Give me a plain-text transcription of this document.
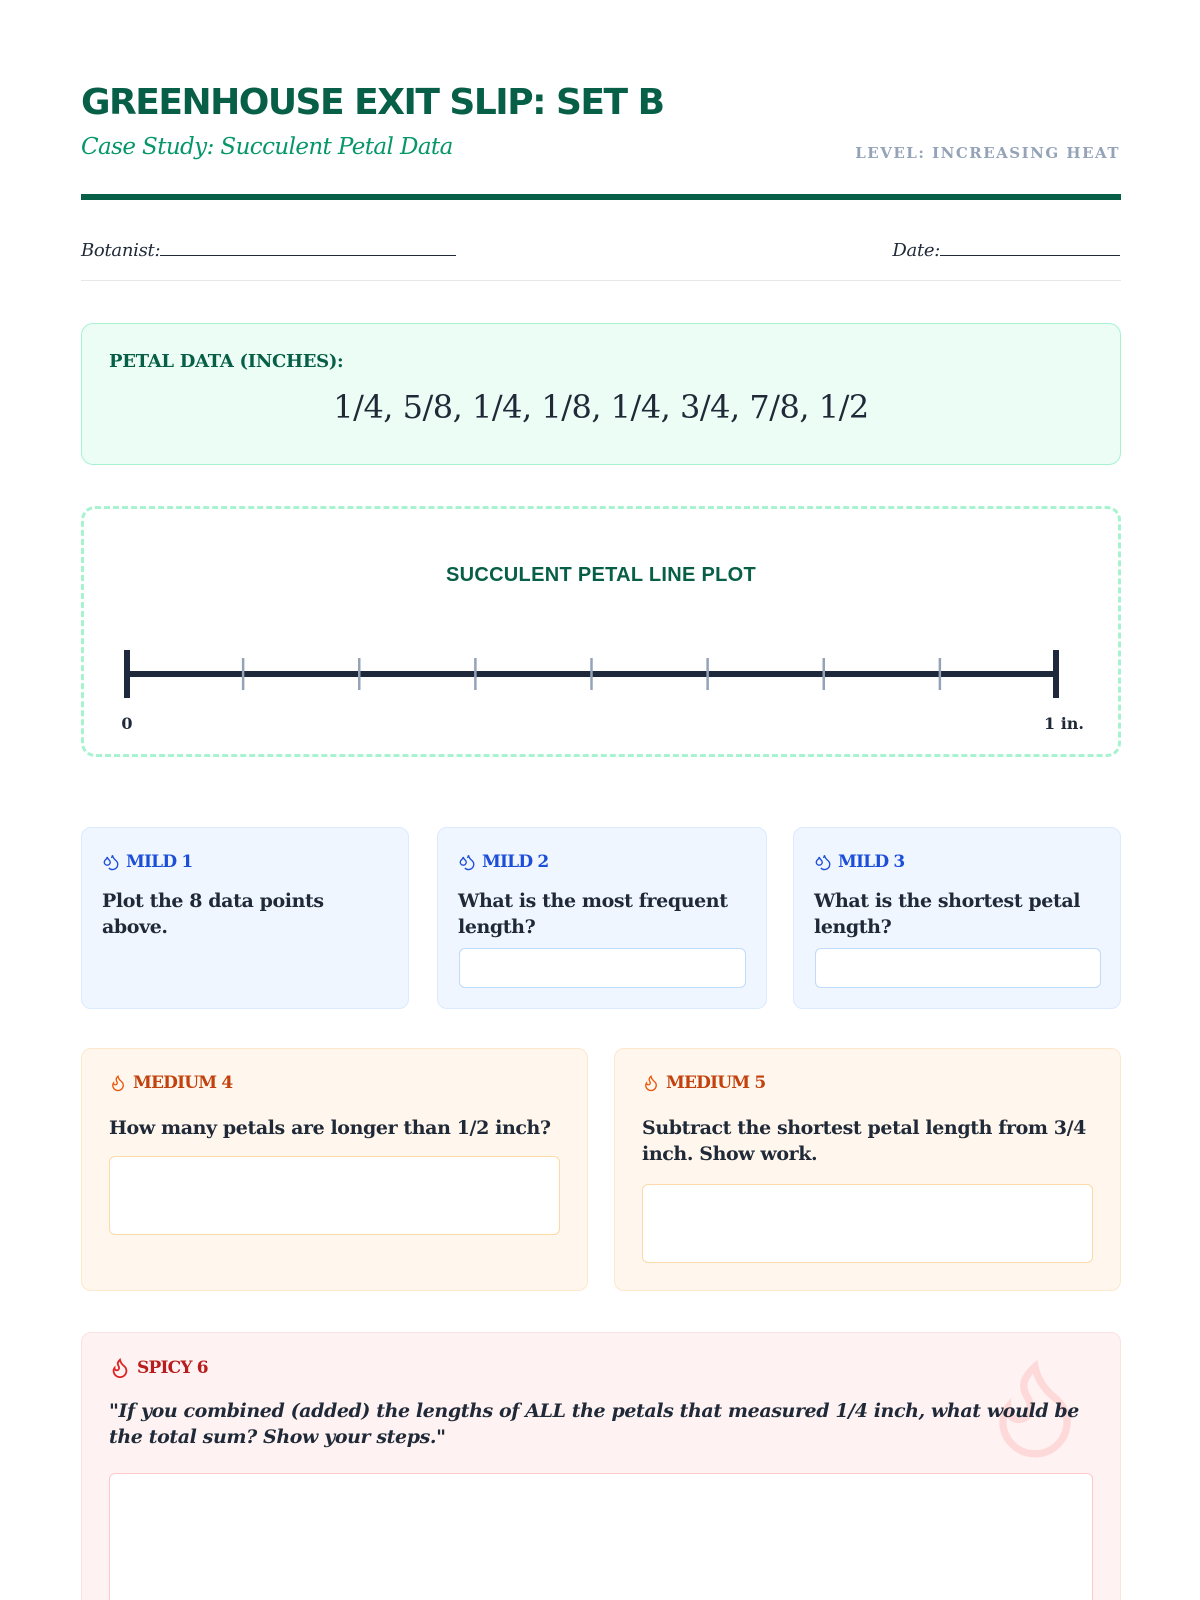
GREENHOUSE EXIT SLIP: SET B
Case Study: Succulent Petal Data	LEVEL: INCREASING HEAT
Botanist:	Date:
PETAL DATA (INCHES):
1/4, 5/8, 1/4, 1/8, 1/4, 3/4, 7/8, 1/2
SUCCULENT PETAL LINE PLOT
0	1 in.
MILD 1
Plot the 8 data points above.
MILD 2
What is the most frequent length?
MILD 3
What is the shortest petal length?
MEDIUM 4
How many petals are longer than 1/2 inch?
MEDIUM 5
Subtract the shortest petal length from 3/4 inch. Show work.
SPICY 6
"If you combined (added) the lengths of ALL the petals that measured 1/4 inch, what would be the total sum? Show your steps."
